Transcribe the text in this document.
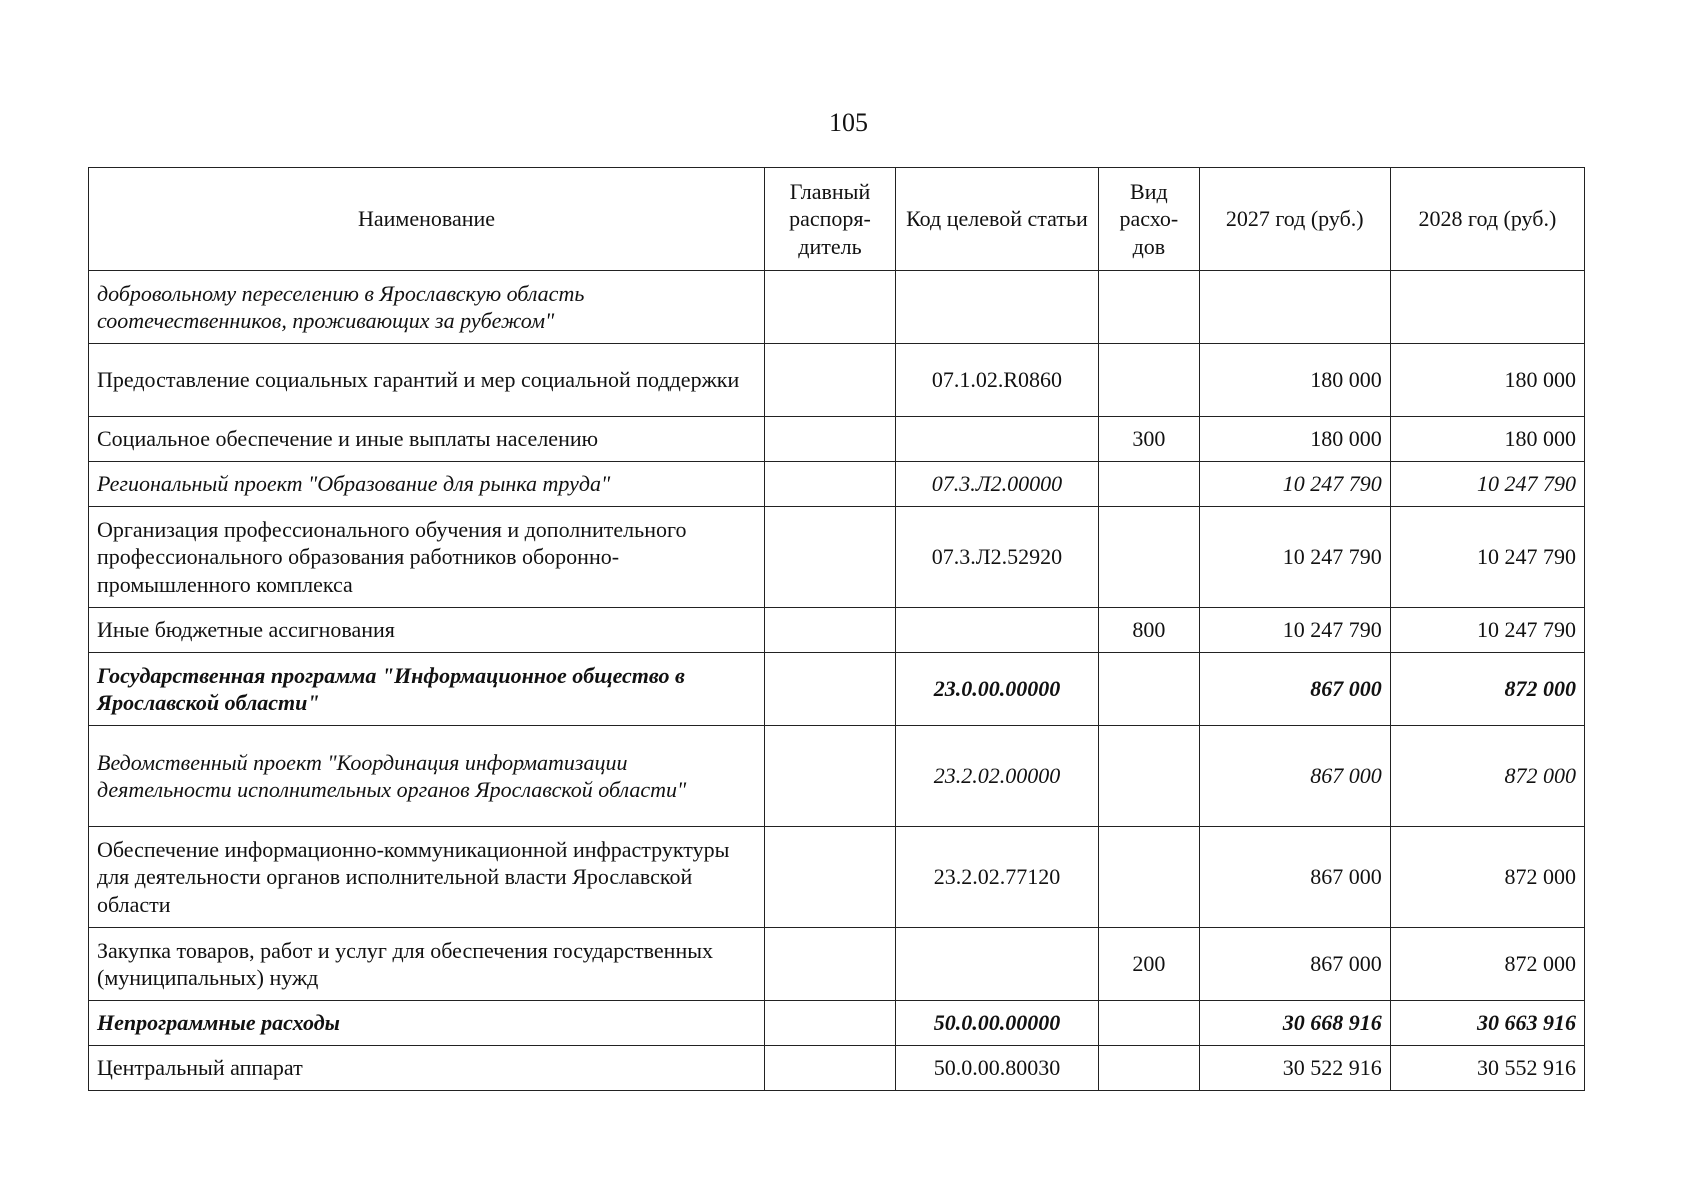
105
Наименование	Главный распоря-дитель	Код целевой статьи	Вид расхо-дов	2027 год (руб.)	2028 год (руб.)
добровольному переселению в Ярославскую область соотечественников, проживающих за рубежом"					
Предоставление социальных гарантий и мер социальной поддержки		07.1.02.R0860		180 000	180 000
Социальное обеспечение и иные выплаты населению			300	180 000	180 000
Региональный проект "Образование для рынка труда"		07.3.Л2.00000		10 247 790	10 247 790
Организация профессионального обучения и дополнительного профессионального образования работников оборонно-промышленного комплекса		07.3.Л2.52920		10 247 790	10 247 790
Иные бюджетные ассигнования			800	10 247 790	10 247 790
Государственная программа "Информационное общество в Ярославской области"		23.0.00.00000		867 000	872 000
Ведомственный проект "Координация информатизации деятельности исполнительных органов Ярославской области"		23.2.02.00000		867 000	872 000
Обеспечение информационно-коммуникационной инфраструктуры для деятельности органов исполнительной власти Ярославской области		23.2.02.77120		867 000	872 000
Закупка товаров, работ и услуг для обеспечения государственных (муниципальных) нужд			200	867 000	872 000
Непрограммные расходы		50.0.00.00000		30 668 916	30 663 916
Центральный аппарат		50.0.00.80030		30 522 916	30 552 916
